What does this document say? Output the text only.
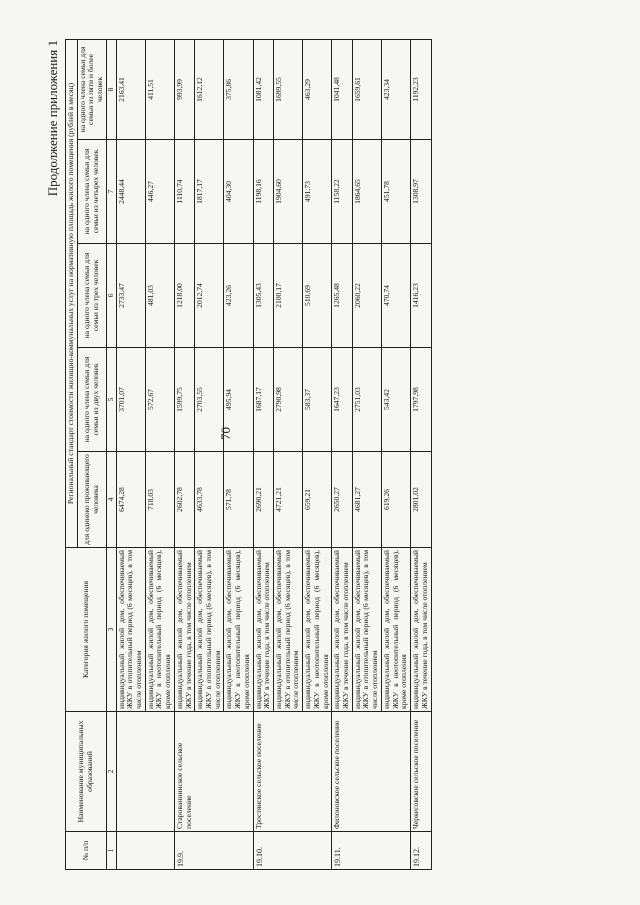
70
Продолжение приложения 1
№ п/п	Наименование муниципальных образований	Категория жилого помещения	Региональный стандарт стоимости жилищно-коммунальных услуг на нормативную площадь жилого помещения (рублей в месяц)				
			для одиноко проживающего человека	на одного члена семьи для семьи из двух человек	на одного члена семьи для семьи из трех человек	на одного члена семьи для семьи из четырех человек	на одного члена семьи для семьи из пяти и более человек
1	2	3	4	5	6	7	8
		индивидуальный жилой дом, обеспечиваемый ЖКУ в отопительный период (6 месяцев), в том числе отоплением	6474,28	3701,07	2733,47	2448,44	2163,41
		индивидуальный жилой дом, обеспечиваемый ЖКУ в неотопительный период (6 месяцев), кроме отопления	718,03	572,67	481,03	446,27	411,51
19.9.	Старованнинское сельское поселение	индивидуальный жилой дом, обеспечиваемый ЖКУ в течение года, в том числе отоплением	2602,78	1599,75	1218,00	1110,74	993,99
		индивидуальный жилой дом, обеспечиваемый ЖКУ в отопительный период (6 месяцев), в том числе отоплением	4633,78	2703,55	2012,74	1817,17	1612,12
		индивидуальный жилой дом, обеспечиваемый ЖКУ в неотопительный период (6 месяцев), кроме отопления	571,78	495,94	423,26	404,30	375,86
19.10.	Тростянское сельское поселение	индивидуальный жилой дом, обеспечиваемый ЖКУ в течение года, в том числе отоплением	2690,21	1687,17	1305,43	1198,16	1081,42
		индивидуальный жилой дом, обеспечиваемый ЖКУ в отопительный период (6 месяцев), в том числе отоплением	4721,21	2790,98	2100,17	1904,60	1699,55
		индивидуальный жилой дом, обеспечиваемый ЖКУ в неотопительный период (6 месяцев), кроме отопления	659,21	583,37	510,69	491,73	463,29
19.11.	Филоновское сельское поселение	индивидуальный жилой дом, обеспечиваемый ЖКУ в течение года, в том числе отоплением	2650,27	1647,23	1265,48	1158,22	1041,48
		индивидуальный жилой дом, обеспечиваемый ЖКУ в отопительный период (6 месяцев), в том числе отоплением	4681,27	2751,03	2060,22	1864,65	1659,61
		индивидуальный жилой дом, обеспечиваемый ЖКУ в неотопительный период (6 месяцев), кроме отопления	619,26	543,42	470,74	451,78	423,34
19.12.	Черкесовское сельское поселение	индивидуальный жилой дом, обеспечиваемый ЖКУ в течение года, в том числе отоплением	2801,02	1797,98	1416,23	1308,97	1192,23
